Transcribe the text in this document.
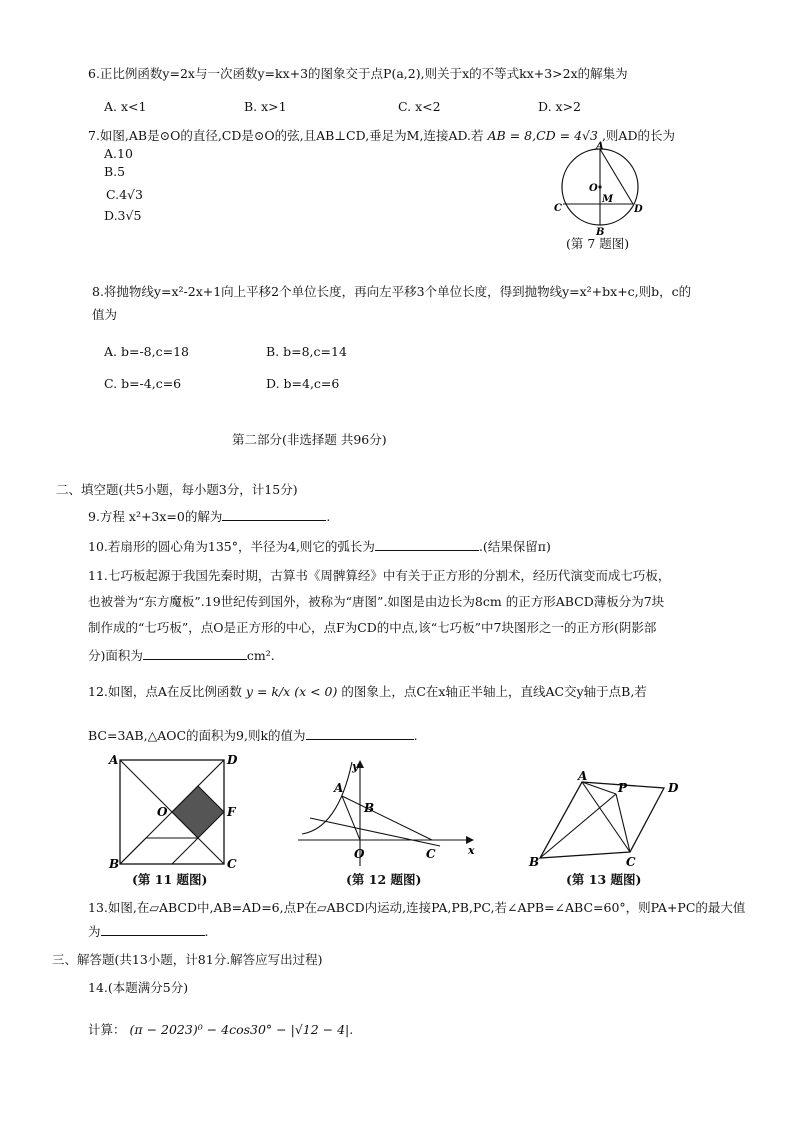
6.正比例函数y=2x与一次函数y=kx+3的图象交于点P(a,2),则关于x的不等式kx+3>2x的解集为
A. x<1	B. x>1	C. x<2	D. x>2
7.如图,AB是⊙O的直径,CD是⊙O的弦,且AB⊥CD,垂足为M,连接AD.若 AB = 8,CD = 4√3 ,则AD的长为
A.10
B.5
C.4√3
D.3√5
A
O
M
C	D
B
(第 7 题图)
8.将抛物线y=x²-2x+1向上平移2个单位长度，再向左平移3个单位长度，得到抛物线y=x²+bx+c,则b，c的
值为
A. b=-8,c=18	B. b=8,c=14
C. b=-4,c=6	D. b=4,c=6
第二部分(非选择题 共96分)
二、填空题(共5小题，每小题3分，计15分)
9.方程 x²+3x=0的解为	.
10.若扇形的圆心角为135°，半径为4,则它的弧长为	.(结果保留π)
11.七巧板起源于我国先秦时期，古算书《周髀算经》中有关于正方形的分割术，经历代演变而成七巧板，
也被誉为“东方魔板”.19世纪传到国外，被称为“唐图”.如图是由边长为8cm 的正方形ABCD薄板分为7块
制作成的“七巧板”，点O是正方形的中心，点F为CD的中点,该“七巧板”中7块图形之一的正方形(阴影部
分)面积为	cm².
12.如图，点A在反比例函数 y = k/x (x < 0) 的图象上，点C在x轴正半轴上，直线AC交y轴于点B,若
BC=3AB,△AOC的面积为9,则k的值为	.
A	D
O	F
B	C
(第 11 题图)
y
A
B
O	C	x
(第 12 题图)
A
P	D
B	C
(第 13 题图)
13.如图,在▱ABCD中,AB=AD=6,点P在▱ABCD内运动,连接PA,PB,PC,若∠APB=∠ABC=60°，则PA+PC的最大值
为	.
三、解答题(共13小题，计81分.解答应写出过程)
14.(本题满分5分)
计算： (π − 2023)⁰ − 4cos30° − |√12 − 4|.
